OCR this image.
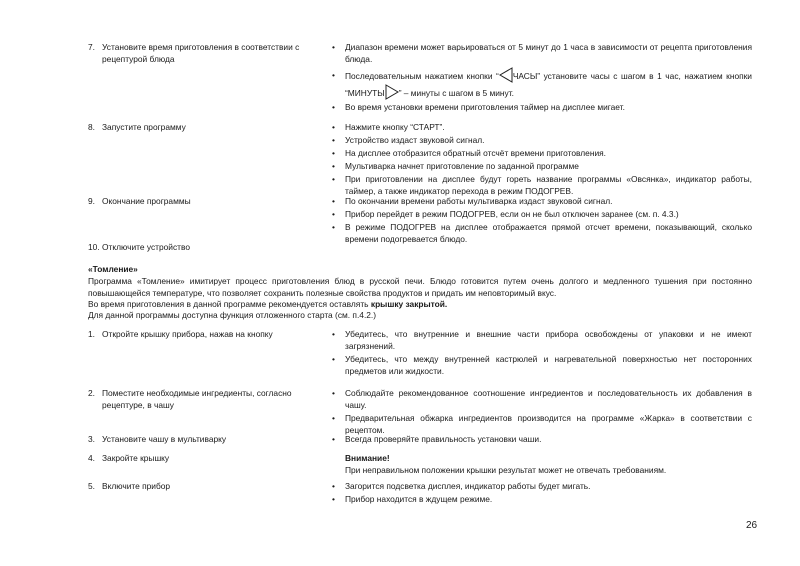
7. Установите время приготовления в соответствии с рецептурой блюда
•	Диапазон времени может варьироваться от 5 минут до 1 часа в зависимости от рецепта приготовления блюда.
•	Последовательным нажатием кнопки “ ЧАСЫ” установите часы с шагом в 1 час, нажатием кнопки “МИНУТЫ ” – минуты с шагом в 5 минут.
•	Во время установки времени приготовления таймер на дисплее мигает.
8. Запустите программу	•	Нажмите кнопку “СТАРТ”.
•	Устройство издаст звуковой сигнал.
•	На дисплее отобразится обратный отсчёт времени приготовления.
•	Мультиварка начнет приготовление по заданной программе
•	При приготовлении на дисплее будут гореть название программы «Овсянка», индикатор работы, таймер, а также индикатор перехода в режим ПОДОГРЕВ.
9. Окончание программы	•	По окончании времени работы мультиварка издаст звуковой сигнал.
•	Прибор перейдет в режим ПОДОГРЕВ, если он не был отключен заранее (см. п. 4.3.)
•	В режиме ПОДОГРЕВ на дисплее отображается прямой отсчет времени, показывающий, сколько времени подогревается блюдо.
10. Отключите устройство
«Томление»
Программа «Томление» имитирует процесс приготовления блюд в русской печи. Блюдо готовится путем очень долгого и медленного тушения при постоянно повышающейся температуре, что позволяет сохранить полезные свойства продуктов и придать им неповторимый вкус.
Во время приготовления в данной программе рекомендуется оставлять крышку закрытой.
Для данной программы доступна функция отложенного старта (см. п.4.2.)
1. Откройте крышку прибора, нажав на кнопку	•	Убедитесь, что внутренние и внешние части прибора освобождены от упаковки и не имеют загрязнений.
•	Убедитесь, что между внутренней кастрюлей и нагревательной поверхностью нет посторонних предметов или жидкости.
2. Поместите необходимые ингредиенты, согласно рецептуре, в чашу
•	Соблюдайте рекомендованное соотношение ингредиентов и последовательность их добавления в чашу.
•	Предварительная обжарка ингредиентов производится на программе «Жарка» в соответствии с рецептом.
3. Установите чашу в мультиварку	•	Всегда проверяйте правильность установки чаши.
4. Закройте крышку	Внимание!
При неправильном положении крышки результат может не отвечать требованиям.
5. Включите прибор	•	Загорится подсветка дисплея, индикатор работы будет мигать.
•	Прибор находится в ждущем режиме.
26
